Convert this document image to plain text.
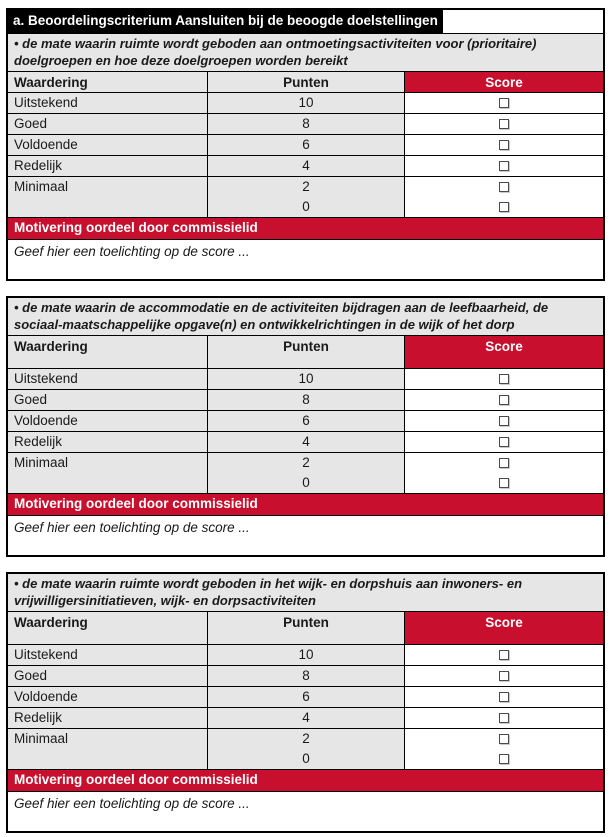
a. Beoordelingscriterium Aansluiten bij de beoogde doelstellingen
• de mate waarin ruimte wordt geboden aan ontmoetingsactiviteiten voor (prioritaire) doelgroepen en hoe deze doelgroepen worden bereikt
Waardering	Punten	Score
Uitstekend	10
Goed	8
Voldoende	6
Redelijk	4
Minimaal	2
0
Motivering oordeel door commissielid
Geef hier een toelichting op de score ...
• de mate waarin de accommodatie en de activiteiten bijdragen aan de leefbaarheid, de sociaal-maatschappelijke opgave(n) en ontwikkelrichtingen in de wijk of het dorp
Waardering	Punten	Score
Uitstekend	10
Goed	8
Voldoende	6
Redelijk	4
Minimaal	2
0
Motivering oordeel door commissielid
Geef hier een toelichting op de score ...
• de mate waarin ruimte wordt geboden in het wijk- en dorpshuis aan inwoners- en vrijwilligersinitiatieven, wijk- en dorpsactiviteiten
Waardering	Punten	Score
Uitstekend	10
Goed	8
Voldoende	6
Redelijk	4
Minimaal	2
0
Motivering oordeel door commissielid
Geef hier een toelichting op de score ...
